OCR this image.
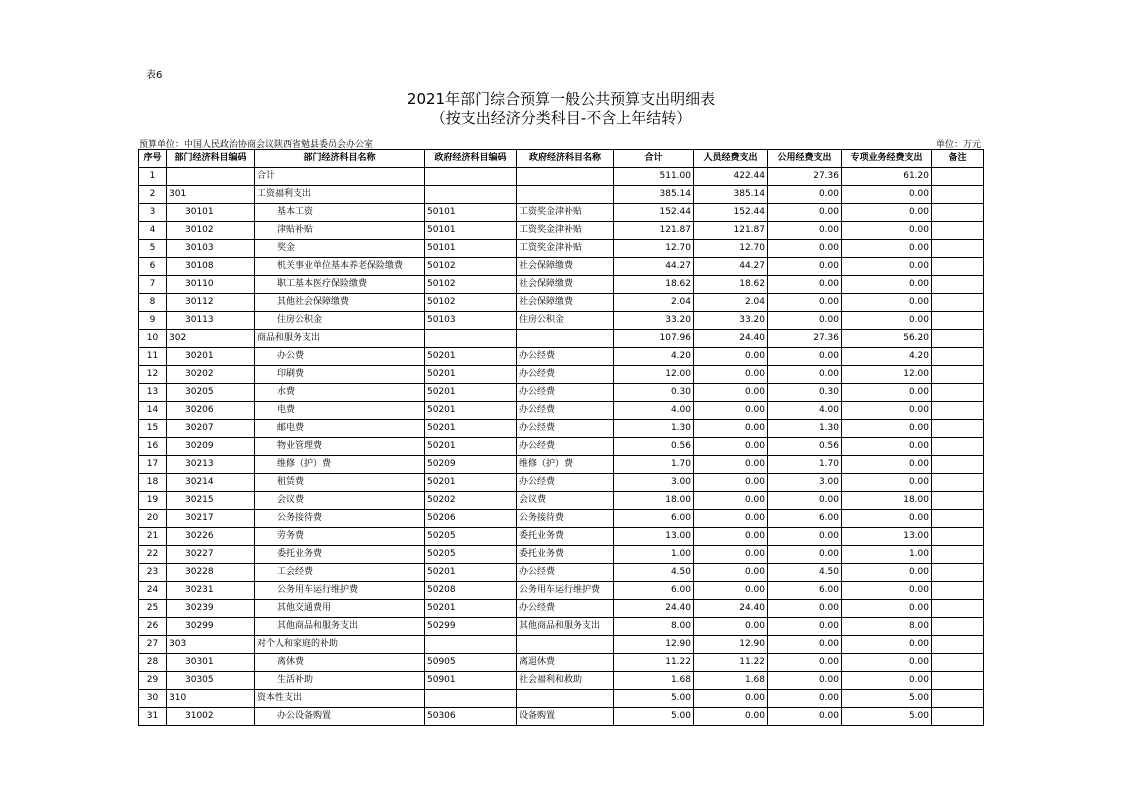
表6
2021年部门综合预算一般公共预算支出明细表
（按支出经济分类科目-不含上年结转）
预算单位：中国人民政治协商会议陕西省勉县委员会办公室	单位：万元
序号	部门经济科目编码	部门经济科目名称	政府经济科目编码	政府经济科目名称	合计	人员经费支出	公用经费支出	专项业务经费支出	备注
1		合计			511.00	422.44	27.36	61.20	
2	301	工资福利支出			385.14	385.14	0.00	0.00	
3	30101	基本工资	50101	工资奖金津补贴	152.44	152.44	0.00	0.00	
4	30102	津贴补贴	50101	工资奖金津补贴	121.87	121.87	0.00	0.00	
5	30103	奖金	50101	工资奖金津补贴	12.70	12.70	0.00	0.00	
6	30108	机关事业单位基本养老保险缴费	50102	社会保障缴费	44.27	44.27	0.00	0.00	
7	30110	职工基本医疗保险缴费	50102	社会保障缴费	18.62	18.62	0.00	0.00	
8	30112	其他社会保障缴费	50102	社会保障缴费	2.04	2.04	0.00	0.00	
9	30113	住房公积金	50103	住房公积金	33.20	33.20	0.00	0.00	
10	302	商品和服务支出			107.96	24.40	27.36	56.20	
11	30201	办公费	50201	办公经费	4.20	0.00	0.00	4.20	
12	30202	印刷费	50201	办公经费	12.00	0.00	0.00	12.00	
13	30205	水费	50201	办公经费	0.30	0.00	0.30	0.00	
14	30206	电费	50201	办公经费	4.00	0.00	4.00	0.00	
15	30207	邮电费	50201	办公经费	1.30	0.00	1.30	0.00	
16	30209	物业管理费	50201	办公经费	0.56	0.00	0.56	0.00	
17	30213	维修（护）费	50209	维修（护）费	1.70	0.00	1.70	0.00	
18	30214	租赁费	50201	办公经费	3.00	0.00	3.00	0.00	
19	30215	会议费	50202	会议费	18.00	0.00	0.00	18.00	
20	30217	公务接待费	50206	公务接待费	6.00	0.00	6.00	0.00	
21	30226	劳务费	50205	委托业务费	13.00	0.00	0.00	13.00	
22	30227	委托业务费	50205	委托业务费	1.00	0.00	0.00	1.00	
23	30228	工会经费	50201	办公经费	4.50	0.00	4.50	0.00	
24	30231	公务用车运行维护费	50208	公务用车运行维护费	6.00	0.00	6.00	0.00	
25	30239	其他交通费用	50201	办公经费	24.40	24.40	0.00	0.00	
26	30299	其他商品和服务支出	50299	其他商品和服务支出	8.00	0.00	0.00	8.00	
27	303	对个人和家庭的补助			12.90	12.90	0.00	0.00	
28	30301	离休费	50905	离退休费	11.22	11.22	0.00	0.00	
29	30305	生活补助	50901	社会福利和救助	1.68	1.68	0.00	0.00	
30	310	资本性支出			5.00	0.00	0.00	5.00	
31	31002	办公设备购置	50306	设备购置	5.00	0.00	0.00	5.00	
